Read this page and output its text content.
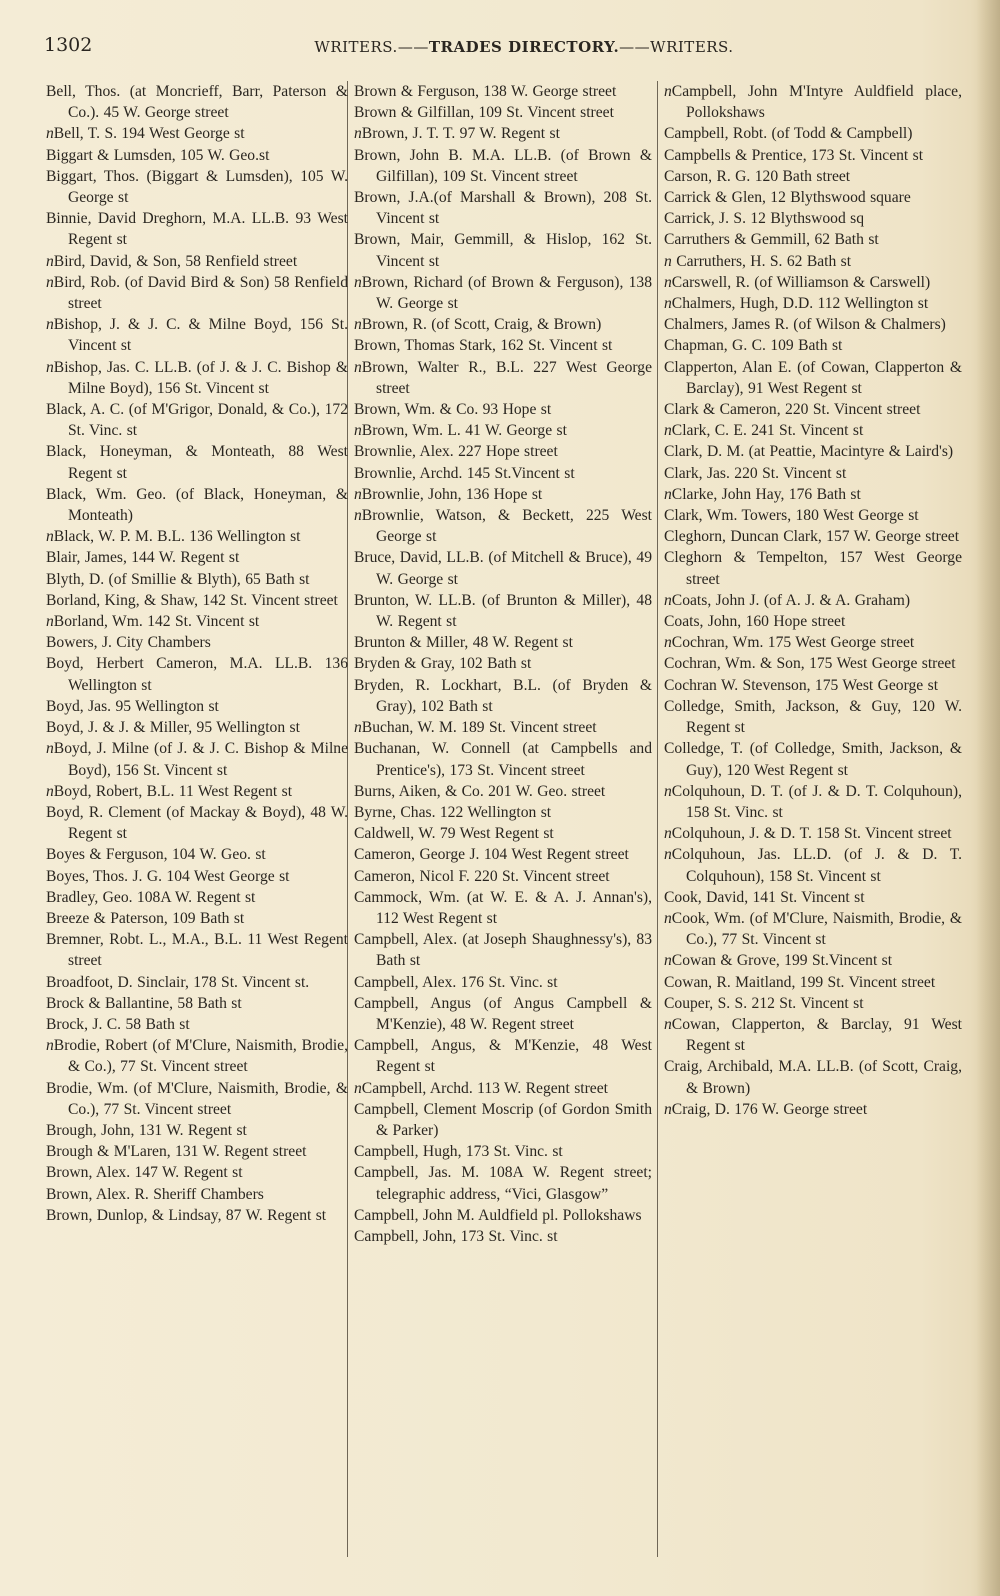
1302	WRITERS.——TRADES DIRECTORY.——WRITERS.

Bell, Thos. (at Moncrieff, Barr, Paterson & Co.). 45 W. George street

nBell, T. S. 194 West George st

Biggart & Lumsden, 105 W. Geo.st

Biggart, Thos. (Biggart & Lumsden), 105 W. George st

Binnie, David Dreghorn, M.A. LL.B. 93 West Regent st

nBird, David, & Son, 58 Renfield street

nBird, Rob. (of David Bird & Son) 58 Renfield street

nBishop, J. & J. C. & Milne Boyd, 156 St. Vincent st

nBishop, Jas. C. LL.B. (of J. & J. C. Bishop & Milne Boyd), 156 St. Vincent st

Black, A. C. (of M'Grigor, Donald, & Co.), 172 St. Vinc. st

Black, Honeyman, & Monteath, 88 West Regent st

Black, Wm. Geo. (of Black, Honeyman, & Monteath)

nBlack, W. P. M. B.L. 136 Wellington st

Blair, James, 144 W. Regent st

Blyth, D. (of Smillie & Blyth), 65 Bath st

Borland, King, & Shaw, 142 St. Vincent street

nBorland, Wm. 142 St. Vincent st

Bowers, J. City Chambers

Boyd, Herbert Cameron, M.A. LL.B. 136 Wellington st

Boyd, Jas. 95 Wellington st

Boyd, J. & J. & Miller, 95 Wellington st

nBoyd, J. Milne (of J. & J. C. Bishop & Milne Boyd), 156 St. Vincent st

nBoyd, Robert, B.L. 11 West Regent st

Boyd, R. Clement (of Mackay & Boyd), 48 W. Regent st

Boyes & Ferguson, 104 W. Geo. st

Boyes, Thos. J. G. 104 West George st

Bradley, Geo. 108A W. Regent st

Breeze & Paterson, 109 Bath st

Bremner, Robt. L., M.A., B.L. 11 West Regent street

Broadfoot, D. Sinclair, 178 St. Vincent st.

Brock & Ballantine, 58 Bath st

Brock, J. C. 58 Bath st

nBrodie, Robert (of M'Clure, Naismith, Brodie, & Co.), 77 St. Vincent street

Brodie, Wm. (of M'Clure, Naismith, Brodie, & Co.), 77 St. Vincent street

Brough, John, 131 W. Regent st

Brough & M'Laren, 131 W. Regent street

Brown, Alex. 147 W. Regent st

Brown, Alex. R. Sheriff Chambers

Brown, Dunlop, & Lindsay, 87 W. Regent st

Brown & Ferguson, 138 W. George street

Brown & Gilfillan, 109 St. Vincent street

nBrown, J. T. T. 97 W. Regent st

Brown, John B. M.A. LL.B. (of Brown & Gilfillan), 109 St. Vincent street

Brown, J.A.(of Marshall & Brown), 208 St. Vincent st

Brown, Mair, Gemmill, & Hislop, 162 St. Vincent st

nBrown, Richard (of Brown & Ferguson), 138 W. George st

nBrown, R. (of Scott, Craig, & Brown)

Brown, Thomas Stark, 162 St. Vincent st

nBrown, Walter R., B.L. 227 West George street

Brown, Wm. & Co. 93 Hope st

nBrown, Wm. L. 41 W. George st

Brownlie, Alex. 227 Hope street

Brownlie, Archd. 145 St.Vincent st

nBrownlie, John, 136 Hope st

nBrownlie, Watson, & Beckett, 225 West George st

Bruce, David, LL.B. (of Mitchell & Bruce), 49 W. George st

Brunton, W. LL.B. (of Brunton & Miller), 48 W. Regent st

Brunton & Miller, 48 W. Regent st

Bryden & Gray, 102 Bath st

Bryden, R. Lockhart, B.L. (of Bryden & Gray), 102 Bath st

nBuchan, W. M. 189 St. Vincent street

Buchanan, W. Connell (at Campbells and Prentice's), 173 St. Vincent street

Burns, Aiken, & Co. 201 W. Geo. street

Byrne, Chas. 122 Wellington st

Caldwell, W. 79 West Regent st

Cameron, George J. 104 West Regent street

Cameron, Nicol F. 220 St. Vincent street

Cammock, Wm. (at W. E. & A. J. Annan's), 112 West Regent st

Campbell, Alex. (at Joseph Shaughnessy's), 83 Bath st

Campbell, Alex. 176 St. Vinc. st

Campbell, Angus (of Angus Campbell & M'Kenzie), 48 W. Regent street

Campbell, Angus, & M'Kenzie, 48 West Regent st

nCampbell, Archd. 113 W. Regent street

Campbell, Clement Moscrip (of Gordon Smith & Parker)

Campbell, Hugh, 173 St. Vinc. st

Campbell, Jas. M. 108A W. Regent street; telegraphic address, “Vici, Glasgow”

Campbell, John M. Auldfield pl. Pollokshaws

Campbell, John, 173 St. Vinc. st

nCampbell, John M'Intyre Auldfield place, Pollokshaws

Campbell, Robt. (of Todd & Campbell)

Campbells & Prentice, 173 St. Vincent st

Carson, R. G. 120 Bath street

Carrick & Glen, 12 Blythswood square

Carrick, J. S. 12 Blythswood sq

Carruthers & Gemmill, 62 Bath st

n Carruthers, H. S. 62 Bath st

nCarswell, R. (of Williamson & Carswell)

nChalmers, Hugh, D.D. 112 Wellington st

Chalmers, James R. (of Wilson & Chalmers)

Chapman, G. C. 109 Bath st

Clapperton, Alan E. (of Cowan, Clapperton & Barclay), 91 West Regent st

Clark & Cameron, 220 St. Vincent street

nClark, C. E. 241 St. Vincent st

Clark, D. M. (at Peattie, Macintyre & Laird's)

Clark, Jas. 220 St. Vincent st

nClarke, John Hay, 176 Bath st

Clark, Wm. Towers, 180 West George st

Cleghorn, Duncan Clark, 157 W. George street

Cleghorn & Tempelton, 157 West George street

nCoats, John J. (of A. J. & A. Graham)

Coats, John, 160 Hope street

nCochran, Wm. 175 West George street

Cochran, Wm. & Son, 175 West George street

Cochran W. Stevenson, 175 West George st

Colledge, Smith, Jackson, & Guy, 120 W. Regent st

Colledge, T. (of Colledge, Smith, Jackson, & Guy), 120 West Regent st

nColquhoun, D. T. (of J. & D. T. Colquhoun), 158 St. Vinc. st

nColquhoun, J. & D. T. 158 St. Vincent street

nColquhoun, Jas. LL.D. (of J. & D. T. Colquhoun), 158 St. Vincent st

Cook, David, 141 St. Vincent st

nCook, Wm. (of M'Clure, Naismith, Brodie, & Co.), 77 St. Vincent st

nCowan & Grove, 199 St.Vincent st

Cowan, R. Maitland, 199 St. Vincent street

Couper, S. S. 212 St. Vincent st

nCowan, Clapperton, & Barclay, 91 West Regent st

Craig, Archibald, M.A. LL.B. (of Scott, Craig, & Brown)

nCraig, D. 176 W. George street
